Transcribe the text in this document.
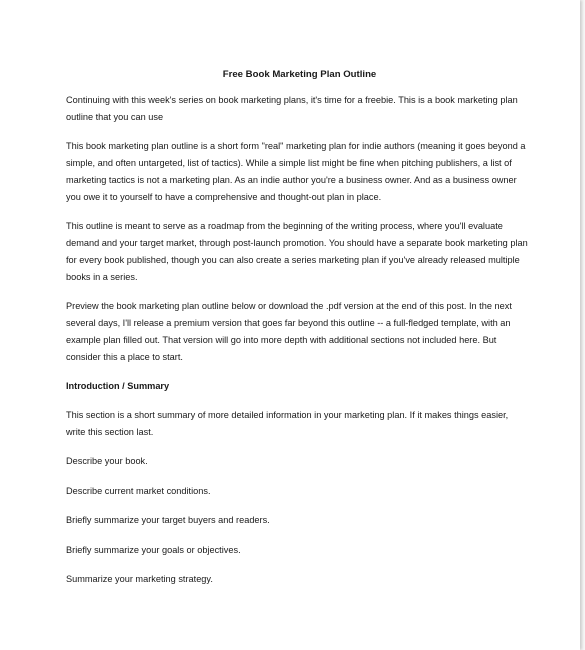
Free Book Marketing Plan Outline

Continuing with this week's series on book marketing plans, it's time for a freebie. This is a book marketing plan outline that you can use

This book marketing plan outline is a short form "real" marketing plan for indie authors (meaning it goes beyond a simple, and often untargeted, list of tactics). While a simple list might be fine when pitching publishers, a list of marketing tactics is not a marketing plan. As an indie author you're a business owner. And as a business owner you owe it to yourself to have a comprehensive and thought-out plan in place.

This outline is meant to serve as a roadmap from the beginning of the writing process, where you'll evaluate demand and your target market, through post-launch promotion. You should have a separate book marketing plan for every book published, though you can also create a series marketing plan if you've already released multiple books in a series.

Preview the book marketing plan outline below or download the .pdf version at the end of this post. In the next several days, I'll release a premium version that goes far beyond this outline -- a full-fledged template, with an example plan filled out. That version will go into more depth with additional sections not included here. But consider this a place to start.

Introduction / Summary

This section is a short summary of more detailed information in your marketing plan. If it makes things easier, write this section last.

Describe your book.

Describe current market conditions.

Briefly summarize your target buyers and readers.

Briefly summarize your goals or objectives.

Summarize your marketing strategy.
